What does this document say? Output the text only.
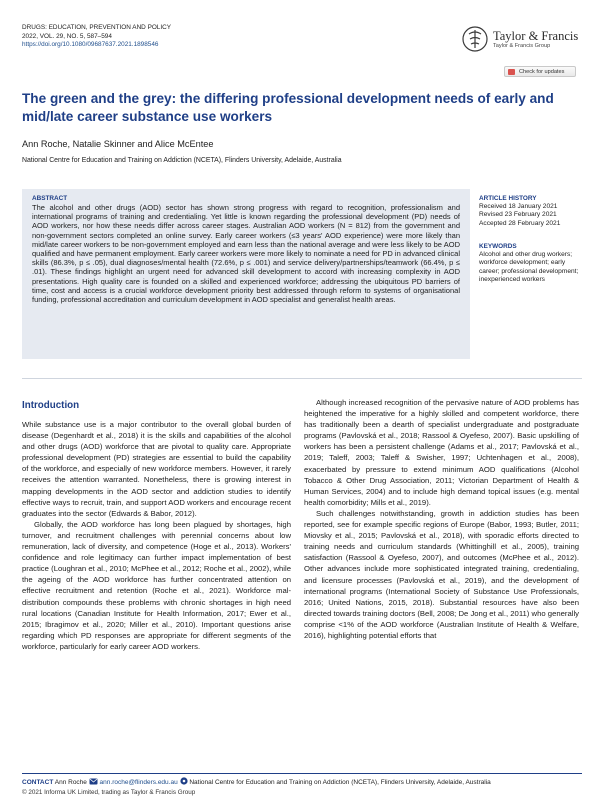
DRUGS: EDUCATION, PREVENTION AND POLICY
2022, VOL. 29, NO. 5, 587–594
https://doi.org/10.1080/09687637.2021.1898546
Taylor & Francis
Taylor & Francis Group
Check for updates
The green and the grey: the differing professional development needs of early and mid/late career substance use workers
Ann Roche, Natalie Skinner and Alice McEntee
National Centre for Education and Training on Addiction (NCETA), Flinders University, Adelaide, Australia
ABSTRACT
The alcohol and other drugs (AOD) sector has shown strong progress with regard to recognition, professionalism and international programs of training and credentialing. Yet little is known regarding the professional development (PD) needs of AOD workers, nor how these needs differ across career stages. Australian AOD workers (N = 812) from the government and non-government sectors completed an online survey. Early career workers (≤3 years' AOD experience) were more likely than mid/late career workers to be non-government employed and earn less than the national average and were less likely to be AOD qualified and have permanent employment. Early career workers were more likely to nominate a need for PD in advanced clinical skills (86.3%, p ≤ .05), dual diagnoses/mental health (72.6%, p ≤ .001) and service delivery/partnerships/teamwork (66.4%, p ≤ .01). These findings highlight an urgent need for advanced skill development to accord with increasing complexity in AOD presentations. High quality care is founded on a skilled and experienced workforce; addressing the ubiquitous PD barriers of time, cost and access is a crucial workforce development priority best addressed through reform to systems of organisational funding, professional accreditation and curriculum development in AOD specialist and generalist health areas.
ARTICLE HISTORY
Received 18 January 2021
Revised 23 February 2021
Accepted 28 February 2021
KEYWORDS
Alcohol and other drug workers; workforce development; early career; professional development; inexperienced workers
Introduction

While substance use is a major contributor to the overall global burden of disease (Degenhardt et al., 2018) it is the skills and capabilities of the alcohol and other drugs (AOD) workforce that are pivotal to quality care. Appropriate professional development (PD) strategies are essential to build the capability of the workforce, and especially of new workforce members. However, it rarely receives the attention warranted. Nonetheless, there is growing interest in mapping developments in the AOD sector and addiction studies to identify effective ways to recruit, train, and support AOD workers and encourage recent graduates into the sector (Edwards & Babor, 2012).

Globally, the AOD workforce has long been plagued by shortages, high turnover, and recruitment challenges with perennial concerns about low remuneration, lack of diversity, and competence (Hoge et al., 2013). Workers' confidence and role legitimacy can further impact implementation of best practice (Loughran et al., 2010; McPhee et al., 2012; Roche et al., 2002), while the ageing of the AOD workforce has further concentrated attention on effective recruitment and retention (Roche et al., 2021). Workforce mal-distribution compounds these problems with chronic shortages in high need rural locations (Canadian Institute for Health Information, 2017; Ewer et al., 2015; Ibragimov et al., 2020; Miller et al., 2010). Important questions arise regarding which PD responses are appropriate for different segments of the workforce, particularly for early career AOD workers.

Although increased recognition of the pervasive nature of AOD problems has heightened the imperative for a highly skilled and competent workforce, there has traditionally been a dearth of specialist undergraduate and postgraduate programs (Pavlovská et al., 2018; Rassool & Oyefeso, 2007). Basic upskilling of workers has been a persistent challenge (Adams et al., 2017; Pavlovská et al., 2019; Taleff, 2003; Taleff & Swisher, 1997; Uchtenhagen et al., 2008), exacerbated by pressure to extend minimum AOD qualifications (Alcohol Tobacco & Other Drug Association, 2011; Victorian Department of Health & Human Services, 2004) and to include high demand topical issues (e.g. mental health comorbidity; Mills et al., 2019).

Such challenges notwithstanding, growth in addiction studies has been reported, see for example specific regions of Europe (Babor, 1993; Butler, 2011; Miovsky et al., 2015; Pavlovská et al., 2018), with sporadic efforts directed to training needs and curriculum standards (Whittinghill et al., 2005), training satisfaction (Rassool & Oyefeso, 2007), and outcomes (McPhee et al., 2012). Other advances include more sophisticated integrated training, credentialing, and licensure processes (Pavlovská et al., 2019), and the development of international programs (International Society of Substance Use Professionals, 2016; United Nations, 2015, 2018). Substantial resources have also been directed towards training doctors (Bell, 2008; De Jong et al., 2011) who generally comprise <1% of the AOD workforce (Australian Institute of Health & Welfare, 2016), highlighting potential efforts that

CONTACT Ann Roche ann.roche@flinders.edu.au National Centre for Education and Training on Addiction (NCETA), Flinders University, Adelaide, Australia
© 2021 Informa UK Limited, trading as Taylor & Francis Group
